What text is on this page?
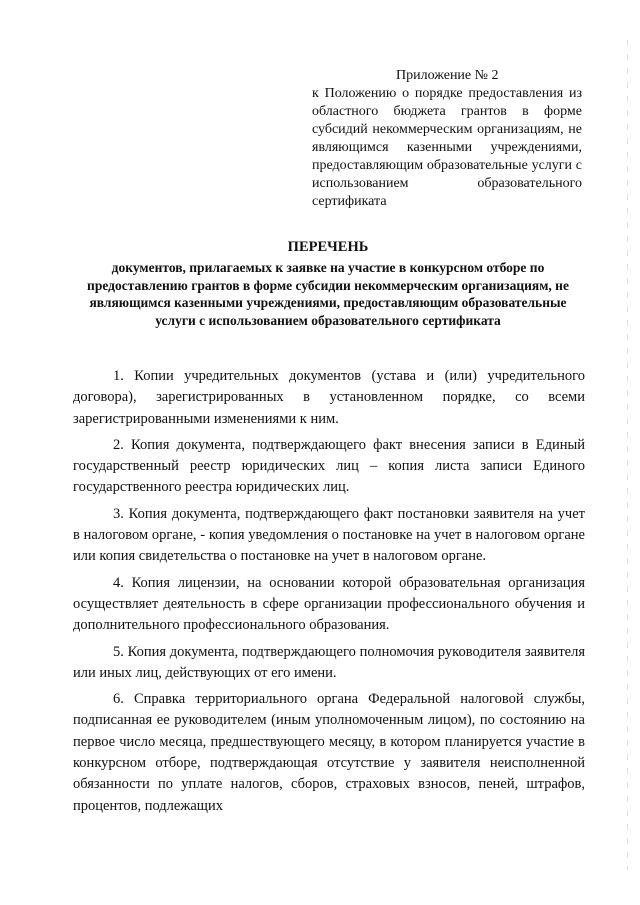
Приложение № 2
к Положению о порядке предоставления из областного бюджета грантов в форме субсидий некоммерческим организациям, не являющимся казенными учреждениями, предоставляющим образовательные услуги с использованием образовательного сертификата
ПЕРЕЧЕНЬ
документов, прилагаемых к заявке на участие в конкурсном отборе по предоставлению грантов в форме субсидии некоммерческим организациям, не являющимся казенными учреждениями, предоставляющим образовательные услуги с использованием образовательного сертификата

1. Копии учредительных документов (устава и (или) учредительного договора), зарегистрированных в установленном порядке, со всеми зарегистрированными изменениями к ним.

2. Копия документа, подтверждающего факт внесения записи в Единый государственный реестр юридических лиц – копия листа записи Единого государственного реестра юридических лиц.

3. Копия документа, подтверждающего факт постановки заявителя на учет в налоговом органе, - копия уведомления о постановке на учет в налоговом органе или копия свидетельства о постановке на учет в налоговом органе.

4. Копия лицензии, на основании которой образовательная организация осуществляет деятельность в сфере организации профессионального обучения и дополнительного профессионального образования.

5. Копия документа, подтверждающего полномочия руководителя заявителя или иных лиц, действующих от его имени.

6. Справка территориального органа Федеральной налоговой службы, подписанная ее руководителем (иным уполномоченным лицом), по состоянию на первое число месяца, предшествующего месяцу, в котором планируется участие в конкурсном отборе, подтверждающая отсутствие у заявителя неисполненной обязанности по уплате налогов, сборов, страховых взносов, пеней, штрафов, процентов, подлежащих
